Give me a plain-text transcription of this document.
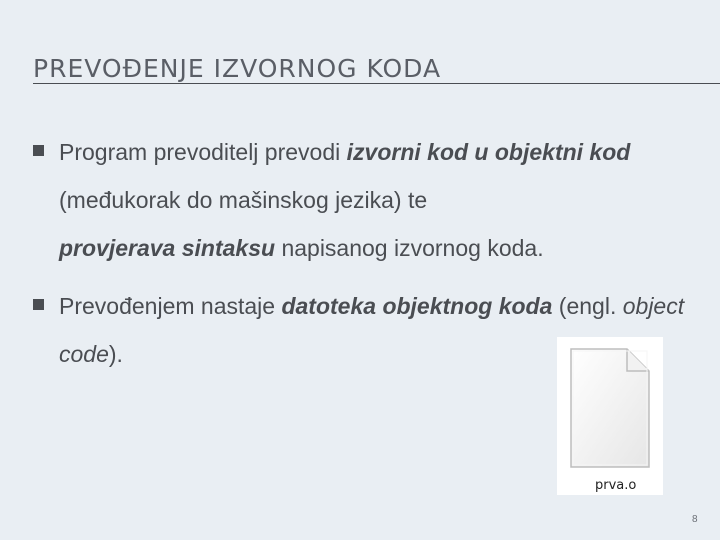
PREVOĐENJE IZVORNOG KODA
Program prevoditelj prevodi izvorni kod u objektni kod (međukorak do mašinskog jezika) te
provjerava sintaksu napisanog izvornog koda.
Prevođenjem nastaje datoteka objektnog koda (engl. object code).
prva.o
8
